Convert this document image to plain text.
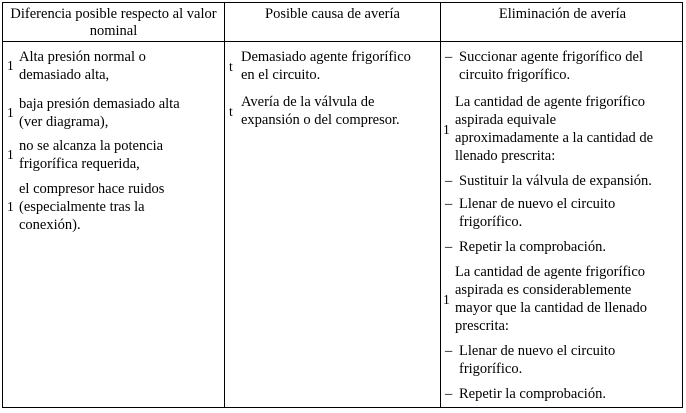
Diferencia posible respecto al valor nominal
Posible causa de avería	Eliminación de avería
1
Alta presión normal o
demasiado alta,
1
baja presión demasiado alta
(ver diagrama),
1
no se alcanza la potencia
frigorífica requerida,
1
el compresor hace ruidos
(especialmente tras la
conexión).
t
Demasiado agente frigorífico
en el circuito.
t
Avería de la válvula de
expansión o del compresor.
– Succionar agente frigorífico del
circuito frigorífico.
1
La cantidad de agente frigorífico
aspirada equivale
aproximadamente a la cantidad de
llenado prescrita:
– Sustituir la válvula de expansión.
– Llenar de nuevo el circuito
frigorífico.
– Repetir la comprobación.
1
La cantidad de agente frigorífico
aspirada es considerablemente
mayor que la cantidad de llenado
prescrita:
– Llenar de nuevo el circuito
frigorífico.
– Repetir la comprobación.
